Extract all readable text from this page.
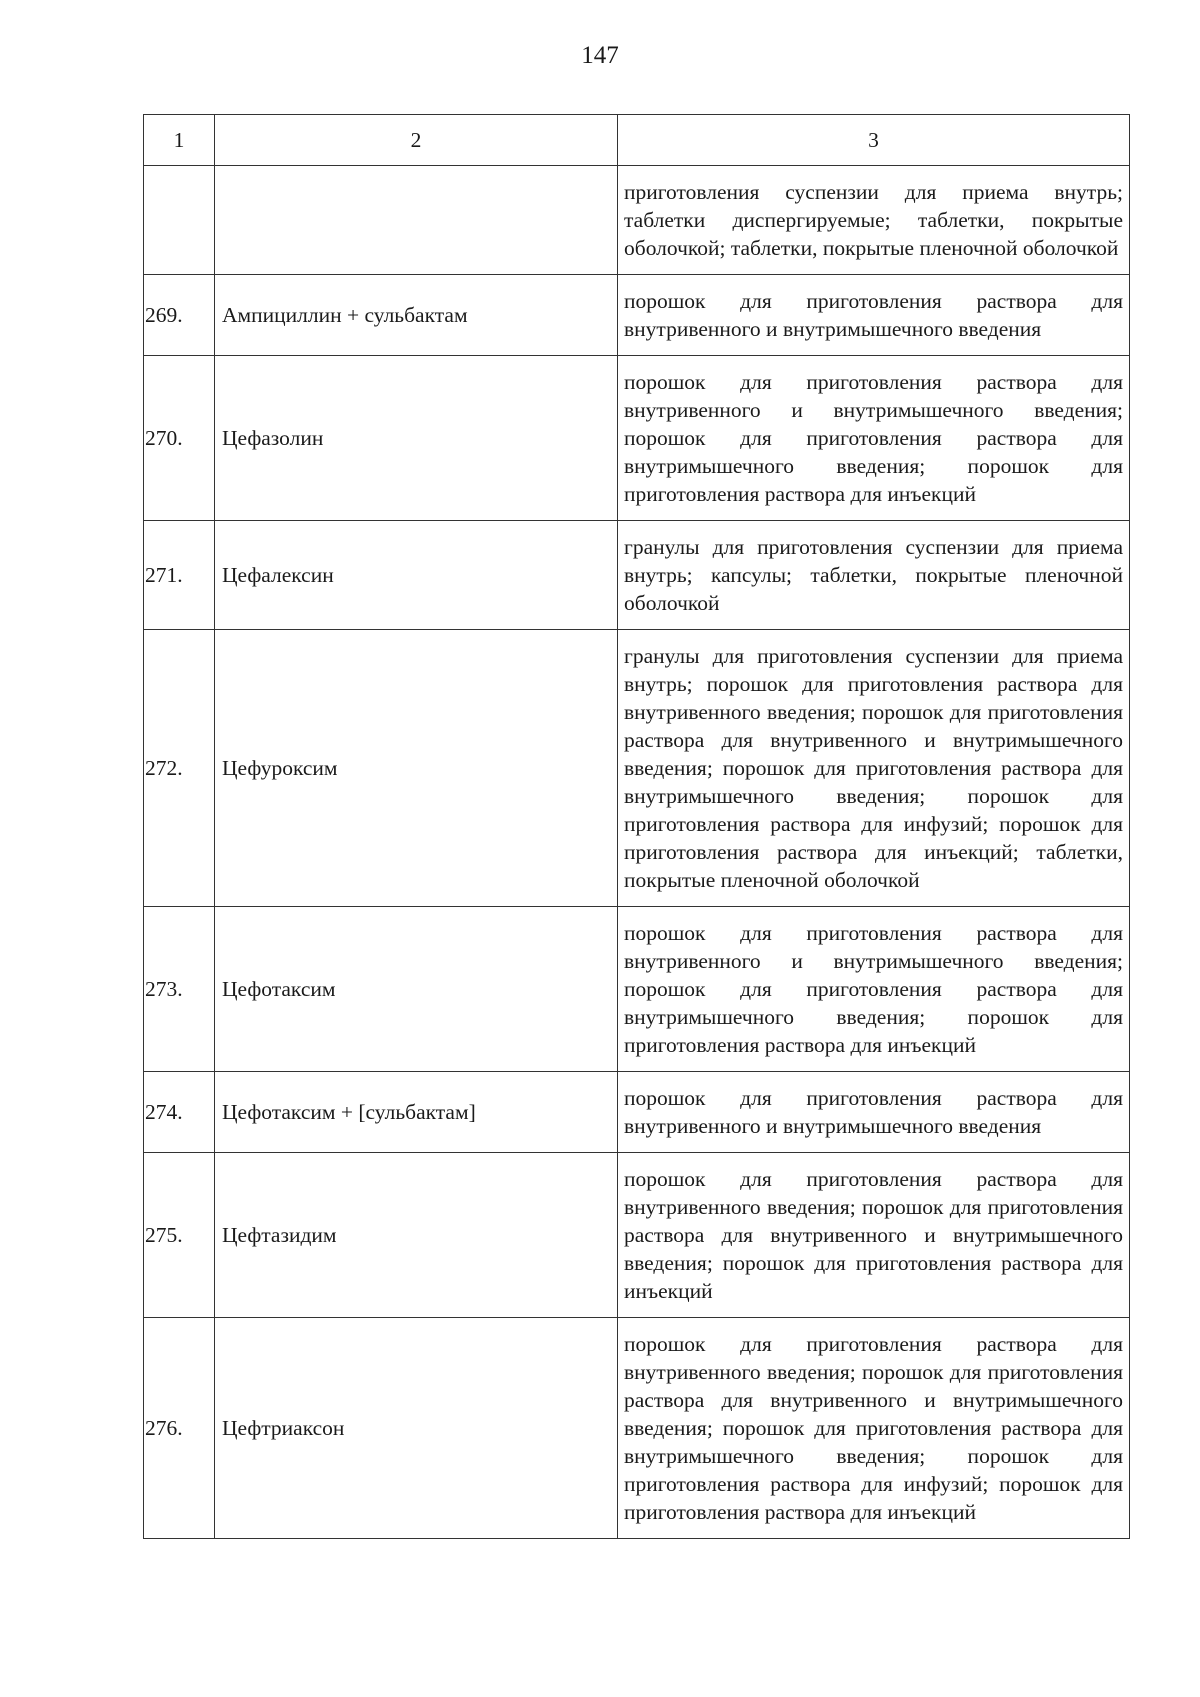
147
1	2	3
		приготовления суспензии для приема внутрь; таблетки диспергируемые; таблетки, покрытые оболочкой; таблетки, покрытые пленочной оболочкой
269.	Ампициллин + сульбактам	порошок для приготовления раствора для внутривенного и внутримышечного введения
270.	Цефазолин	порошок для приготовления раствора для внутривенного и внутримышечного введения; порошок для приготовления раствора для внутримышечного введения; порошок для приготовления раствора для инъекций
271.	Цефалексин	гранулы для приготовления суспензии для приема внутрь; капсулы; таблетки, покрытые пленочной оболочкой
272.	Цефуроксим	гранулы для приготовления суспензии для приема внутрь; порошок для приготовления раствора для внутривенного введения; порошок для приготовления раствора для внутривенного и внутримышечного введения; порошок для приготовления раствора для внутримышечного введения; порошок для приготовления раствора для инфузий; порошок для приготовления раствора для инъекций; таблетки, покрытые пленочной оболочкой
273.	Цефотаксим	порошок для приготовления раствора для внутривенного и внутримышечного введения; порошок для приготовления раствора для внутримышечного введения; порошок для приготовления раствора для инъекций
274.	Цефотаксим + [сульбактам]	порошок для приготовления раствора для внутривенного и внутримышечного введения
275.	Цефтазидим	порошок для приготовления раствора для внутривенного введения; порошок для приготовления раствора для внутривенного и внутримышечного введения; порошок для приготовления раствора для инъекций
276.	Цефтриаксон	порошок для приготовления раствора для внутривенного введения; порошок для приготовления раствора для внутривенного и внутримышечного введения; порошок для приготовления раствора для внутримышечного введения; порошок для приготовления раствора для инфузий; порошок для приготовления раствора для инъекций
